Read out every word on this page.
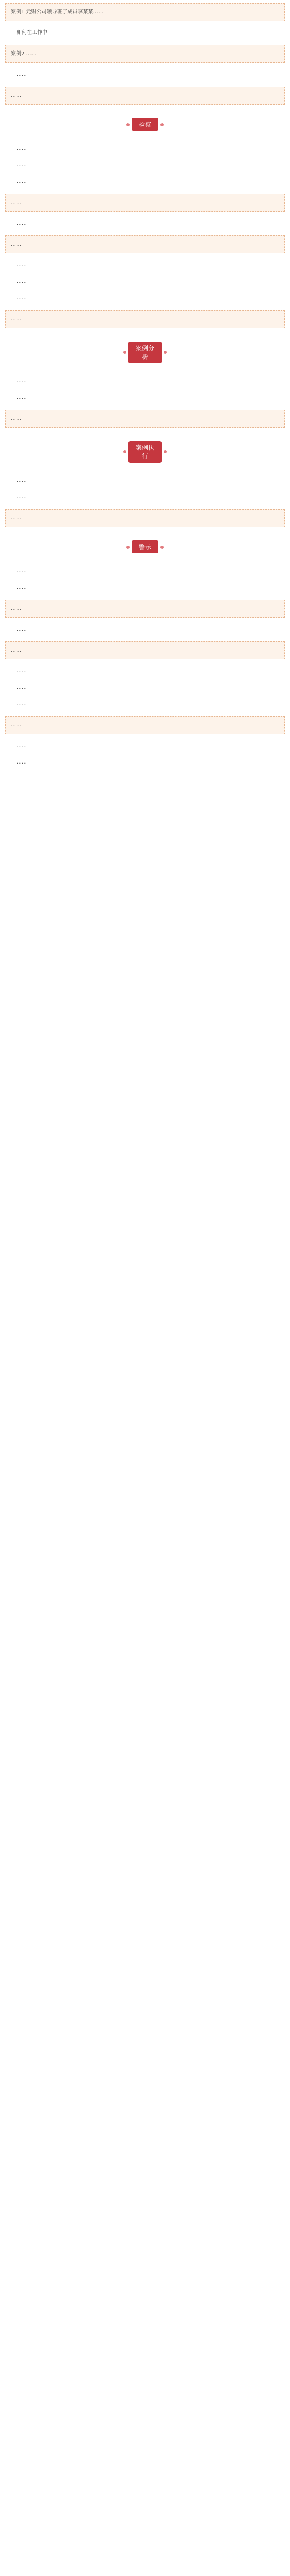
案例1 元财公司领导班子成员李某某……
如何在工作中
案例2 ……
……
……
检察
……
……
……
……
……
……
……
……
……
……
案例分析
……
……
……
案例执行
……
……
……
警示
……
……
……
……
……
……
……
……
……
……
……
